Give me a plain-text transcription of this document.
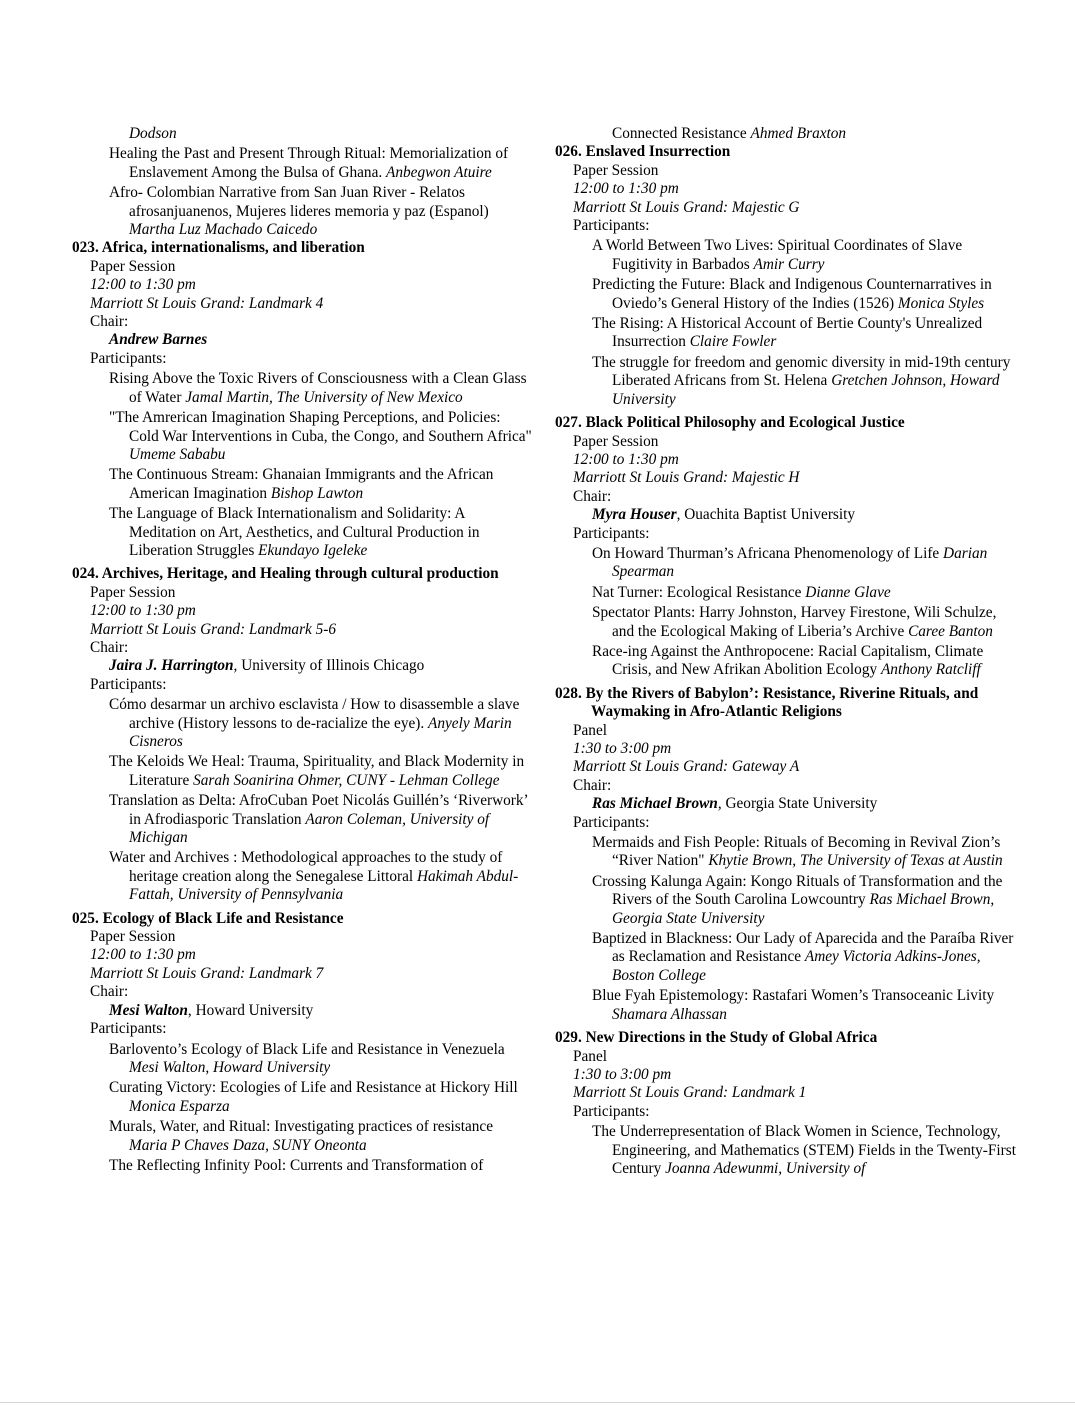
Dodson
Healing the Past and Present Through Ritual: Memorialization of Enslavement Among the Bulsa of Ghana. Anbegwon Atuire
Afro- Colombian Narrative from San Juan River - Relatos afrosanjuanenos, Mujeres lideres memoria y paz (Espanol) Martha Luz Machado Caicedo
023. Africa, internationalisms, and liberation
Paper Session
12:00 to 1:30 pm
Marriott St Louis Grand: Landmark 4
Chair:
Andrew Barnes
Participants:
Rising Above the Toxic Rivers of Consciousness with a Clean Glass of Water Jamal Martin, The University of New Mexico
"The Amrerican Imagination Shaping Perceptions, and Policies: Cold War Interventions in Cuba, the Congo, and Southern Africa" Umeme Sababu
The Continuous Stream: Ghanaian Immigrants and the African American Imagination Bishop Lawton
The Language of Black Internationalism and Solidarity: A Meditation on Art, Aesthetics, and Cultural Production in Liberation Struggles Ekundayo Igeleke
024. Archives, Heritage, and Healing through cultural production
Paper Session
12:00 to 1:30 pm
Marriott St Louis Grand: Landmark 5-6
Chair:
Jaira J. Harrington, University of Illinois Chicago
Participants:
Cómo desarmar un archivo esclavista / How to disassemble a slave archive (History lessons to de-racialize the eye). Anyely Marin Cisneros
The Keloids We Heal: Trauma, Spirituality, and Black Modernity in Literature Sarah Soanirina Ohmer, CUNY - Lehman College
Translation as Delta: AfroCuban Poet Nicolás Guillén’s ‘Riverwork’ in Afrodiasporic Translation Aaron Coleman, University of Michigan
Water and Archives : Methodological approaches to the study of heritage creation along the Senegalese Littoral Hakimah Abdul-Fattah, University of Pennsylvania
025. Ecology of Black Life and Resistance
Paper Session
12:00 to 1:30 pm
Marriott St Louis Grand: Landmark 7
Chair:
Mesi Walton, Howard University
Participants:
Barlovento’s Ecology of Black Life and Resistance in Venezuela Mesi Walton, Howard University
Curating Victory: Ecologies of Life and Resistance at Hickory Hill Monica Esparza
Murals, Water, and Ritual: Investigating practices of resistance Maria P Chaves Daza, SUNY Oneonta
The Reflecting Infinity Pool: Currents and Transformation of
Connected Resistance Ahmed Braxton
026. Enslaved Insurrection
Paper Session
12:00 to 1:30 pm
Marriott St Louis Grand: Majestic G
Participants:
A World Between Two Lives: Spiritual Coordinates of Slave Fugitivity in Barbados Amir Curry
Predicting the Future: Black and Indigenous Counternarratives in Oviedo’s General History of the Indies (1526) Monica Styles
The Rising: A Historical Account of Bertie County's Unrealized Insurrection Claire Fowler
The struggle for freedom and genomic diversity in mid-19th century Liberated Africans from St. Helena Gretchen Johnson, Howard University
027. Black Political Philosophy and Ecological Justice
Paper Session
12:00 to 1:30 pm
Marriott St Louis Grand: Majestic H
Chair:
Myra Houser, Ouachita Baptist University
Participants:
On Howard Thurman’s Africana Phenomenology of Life Darian Spearman
Nat Turner: Ecological Resistance Dianne Glave
Spectator Plants: Harry Johnston, Harvey Firestone, Wili Schulze, and the Ecological Making of Liberia’s Archive Caree Banton
Race-ing Against the Anthropocene: Racial Capitalism, Climate Crisis, and New Afrikan Abolition Ecology Anthony Ratcliff
028. By the Rivers of Babylon’: Resistance, Riverine Rituals, and Waymaking in Afro-Atlantic Religions
Panel
1:30 to 3:00 pm
Marriott St Louis Grand: Gateway A
Chair:
Ras Michael Brown, Georgia State University
Participants:
Mermaids and Fish People: Rituals of Becoming in Revival Zion’s “River Nation" Khytie Brown, The University of Texas at Austin
Crossing Kalunga Again: Kongo Rituals of Transformation and the Rivers of the South Carolina Lowcountry Ras Michael Brown, Georgia State University
Baptized in Blackness: Our Lady of Aparecida and the Paraíba River as Reclamation and Resistance Amey Victoria Adkins-Jones, Boston College
Blue Fyah Epistemology: Rastafari Women’s Transoceanic Livity Shamara Alhassan
029. New Directions in the Study of Global Africa
Panel
1:30 to 3:00 pm
Marriott St Louis Grand: Landmark 1
Participants:
The Underrepresentation of Black Women in Science, Technology, Engineering, and Mathematics (STEM) Fields in the Twenty-First Century Joanna Adewunmi, University of
